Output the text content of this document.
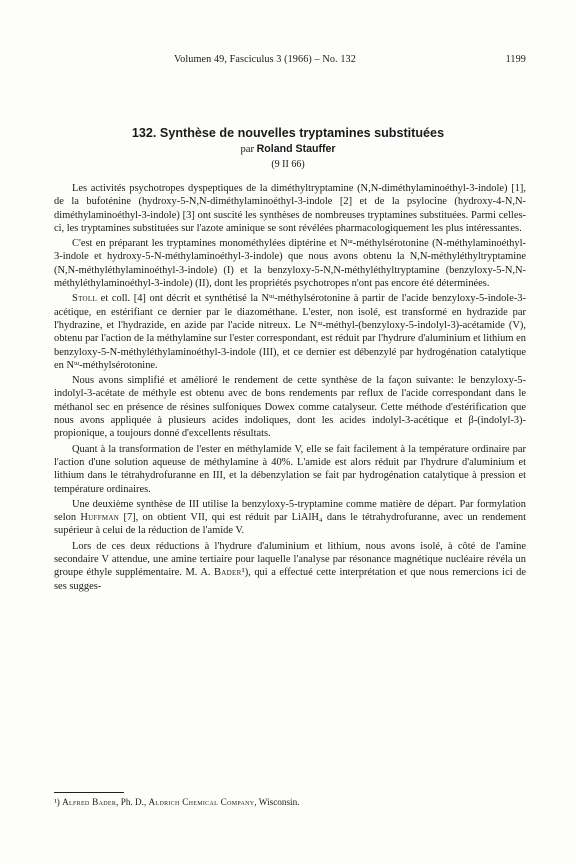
Volumen 49, Fasciculus 3 (1966) – No. 132	1199
132. Synthèse de nouvelles tryptamines substituées
par Roland Stauffer
(9 II 66)

Les activités psychotropes dyspeptiques de la diméthyltryptamine (N,N-diméthylaminoéthyl-3-indole) [1], de la bufoténine (hydroxy-5-N,N-diméthylaminoéthyl-3-indole [2] et de la psylocine (hydroxy-4-N,N-diméthylaminoéthyl-3-indole) [3] ont suscité les synthèses de nombreuses tryptamines substituées. Parmi celles-ci, les tryptamines substituées sur l'azote aminique se sont révélées pharmacologiquement les plus intéressantes.

C'est en préparant les tryptamines monométhylées diptérine et Nᵚ-méthylsérotonine (N-méthylaminoéthyl-3-indole et hydroxy-5-N-méthylaminoéthyl-3-indole) que nous avons obtenu la N,N-méthyléthyltryptamine (N,N-méthyléthylaminoéthyl-3-indole) (I) et la benzyloxy-5-N,N-méthyléthyltryptamine (benzyloxy-5-N,N-méthyléthylaminoéthyl-3-indole) (II), dont les propriétés psychotropes n'ont pas encore été déterminées.

Stoll et coll. [4] ont décrit et synthétisé la Nᵚ-méthylsérotonine à partir de l'acide benzyloxy-5-indole-3-acétique, en estérifiant ce dernier par le diazométhane. L'ester, non isolé, est transformé en hydrazide par l'hydrazine, et l'hydrazide, en azide par l'acide nitreux. Le Nᵚ-méthyl-(benzyloxy-5-indolyl-3)-acétamide (V), obtenu par l'action de la méthylamine sur l'ester correspondant, est réduit par l'hydrure d'aluminium et lithium en benzyloxy-5-N-méthyléthylaminoéthyl-3-indole (III), et ce dernier est débenzylé par hydrogénation catalytique en Nᵚ-méthylsérotonine.

Nous avons simplifié et amélioré le rendement de cette synthèse de la façon suivante: le benzyloxy-5-indolyl-3-acétate de méthyle est obtenu avec de bons rendements par reflux de l'acide correspondant dans le méthanol sec en présence de résines sulfoniques Dowex comme catalyseur. Cette méthode d'estérification que nous avons appliquée à plusieurs acides indoliques, dont les acides indolyl-3-acétique et β-(indolyl-3)-propionique, a toujours donné d'excellents résultats.

Quant à la transformation de l'ester en méthylamide V, elle se fait facilement à la température ordinaire par l'action d'une solution aqueuse de méthylamine à 40%. L'amide est alors réduit par l'hydrure d'aluminium et lithium dans le tétrahydrofuranne en III, et la débenzylation se fait par hydrogénation catalytique à pression et température ordinaires.

Une deuxième synthèse de III utilise la benzyloxy-5-tryptamine comme matière de départ. Par formylation selon Huffman [7], on obtient VII, qui est réduit par LiAlH₄ dans le tétrahydrofuranne, avec un rendement supérieur à celui de la réduction de l'amide V.

Lors de ces deux réductions à l'hydrure d'aluminium et lithium, nous avons isolé, à côté de l'amine secondaire V attendue, une amine tertiaire pour laquelle l'analyse par résonance magnétique nucléaire révéla un groupe éthyle supplémentaire. M. A. Bader¹), qui a effectué cette interprétation et que nous remercions ici de ses sugges-

¹) Alfred Bader, Ph. D., Aldrich Chemical Company, Wisconsin.
